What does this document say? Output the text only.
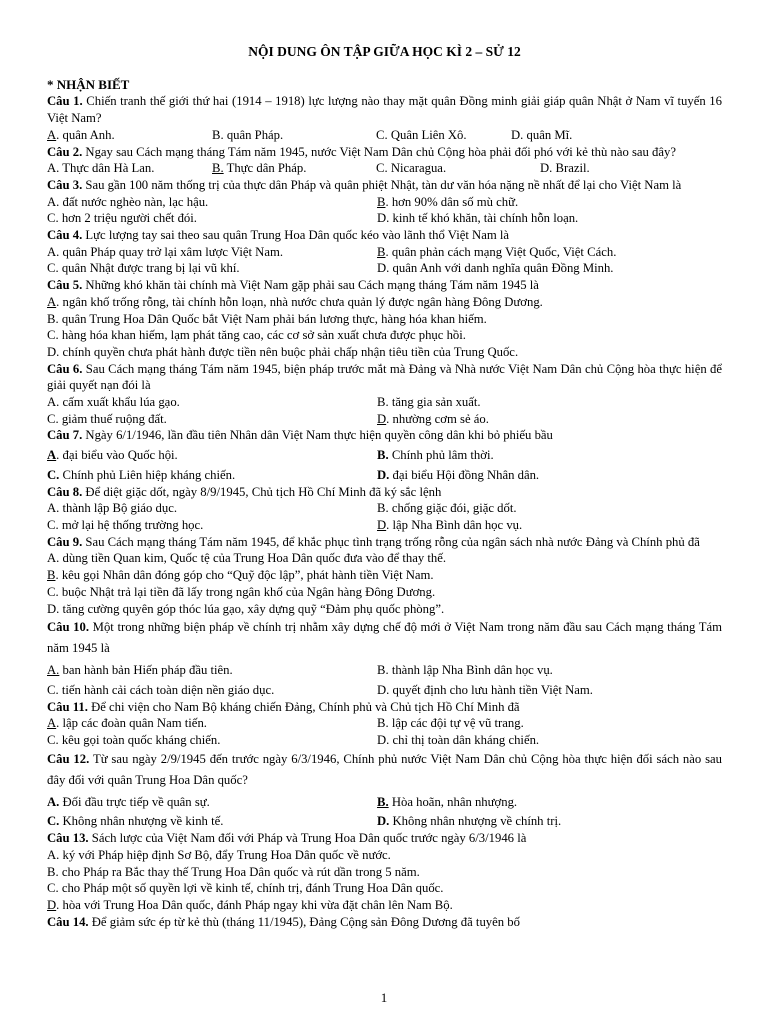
NỘI DUNG ÔN TẬP GIỮA HỌC KÌ 2 – SỬ 12
* NHẬN BIẾT
Câu 1. Chiến tranh thế giới thứ hai (1914 – 1918) lực lượng nào thay mặt quân Đồng minh giải giáp quân Nhật ở Nam vĩ tuyến 16 Việt Nam?
A. quân Anh.	B. quân Pháp.	C. Quân Liên Xô.	D. quân Mĩ.
Câu 2. Ngay sau Cách mạng tháng Tám năm 1945, nước Việt Nam Dân chủ Cộng hòa phải đối phó với kẻ thù nào sau đây?
A. Thực dân Hà Lan.	B. Thực dân Pháp.	C. Nicaragua.	D. Brazil.
Câu 3. Sau gần 100 năm thống trị của thực dân Pháp và quân phiệt Nhật, tàn dư văn hóa nặng nề nhất để lại cho Việt Nam là
A. đất nước nghèo nàn, lạc hậu.	B. hơn 90% dân số mù chữ.
C. hơn 2 triệu người chết đói.	D. kinh tế khó khăn, tài chính hỗn loạn.
Câu 4. Lực lượng tay sai theo sau quân Trung Hoa Dân quốc kéo vào lãnh thổ Việt Nam là
A. quân Pháp quay trở lại xâm lược Việt Nam.	B. quân phản cách mạng Việt Quốc, Việt Cách.
C. quân Nhật được trang bị lại vũ khí.	D. quân Anh với danh nghĩa quân Đồng Minh.
Câu 5. Những khó khăn tài chính mà Việt Nam gặp phải sau Cách mạng tháng Tám năm 1945 là
A. ngân khố trống rỗng, tài chính hỗn loạn, nhà nước chưa quản lý được ngân hàng Đông Dương.
B. quân Trung Hoa Dân Quốc bắt Việt Nam phải bán lương thực, hàng hóa khan hiếm.
C. hàng hóa khan hiếm, lạm phát tăng cao, các cơ sở sản xuất chưa được phục hồi.
D. chính quyền chưa phát hành được tiền nên buộc phải chấp nhận tiêu tiền của Trung Quốc.
Câu 6. Sau Cách mạng tháng Tám năm 1945, biện pháp trước mắt mà Đảng và Nhà nước Việt Nam Dân chủ Cộng hòa thực hiện để giải quyết nạn đói là
A. cấm xuất khẩu lúa gạo.	B. tăng gia sản xuất.
C. giảm thuế ruộng đất.	D. nhường cơm sẻ áo.
Câu 7. Ngày 6/1/1946, lần đầu tiên Nhân dân Việt Nam thực hiện quyền công dân khi bỏ phiếu bầu
A. đại biểu vào Quốc hội.	B. Chính phủ lâm thời.
C. Chính phủ Liên hiệp kháng chiến.	D. đại biểu Hội đồng Nhân dân.
Câu 8. Để diệt giặc dốt, ngày 8/9/1945, Chủ tịch Hồ Chí Minh đã ký sắc lệnh
A. thành lập Bộ giáo dục.	B. chống giặc đói, giặc dốt.
C. mở lại hệ thống trường học.	D. lập Nha Bình dân học vụ.
Câu 9. Sau Cách mạng tháng Tám năm 1945, để khắc phục tình trạng trống rỗng của ngân sách nhà nước Đảng và Chính phủ đã
A. dùng tiền Quan kim, Quốc tệ của Trung Hoa Dân quốc đưa vào để thay thế.
B. kêu gọi Nhân dân đóng góp cho “Quỹ độc lập”, phát hành tiền Việt Nam.
C. buộc Nhật trả lại tiền đã lấy trong ngân khố của Ngân hàng Đông Dương.
D. tăng cường quyên góp thóc lúa gạo, xây dựng quỹ “Đảm phụ quốc phòng”.
Câu 10. Một trong những biện pháp về chính trị nhằm xây dựng chế độ mới ở Việt Nam trong năm đầu sau Cách mạng tháng Tám năm 1945 là
A. ban hành bản Hiến pháp đầu tiên.	B. thành lập Nha Bình dân học vụ.
C. tiến hành cải cách toàn diện nền giáo dục.	D. quyết định cho lưu hành tiền Việt Nam.
Câu 11. Để chi viện cho Nam Bộ kháng chiến Đảng, Chính phủ và Chủ tịch Hồ Chí Minh đã
A. lập các đoàn quân Nam tiến.	B. lập các đội tự vệ vũ trang.
C. kêu gọi toàn quốc kháng chiến.	D. chỉ thị toàn dân kháng chiến.
Câu 12. Từ sau ngày 2/9/1945 đến trước ngày 6/3/1946, Chính phủ nước Việt Nam Dân chủ Cộng hòa thực hiện đối sách nào sau đây đối với quân Trung Hoa Dân quốc?
A. Đối đầu trực tiếp về quân sự.	B. Hòa hoãn, nhân nhượng.
C. Không nhân nhượng về kinh tế.	D. Không nhân nhượng về chính trị.
Câu 13. Sách lược của Việt Nam đối với Pháp và Trung Hoa Dân quốc trước ngày 6/3/1946 là
A. ký với Pháp hiệp định Sơ Bộ, đẩy Trung Hoa Dân quốc về nước.
B. cho Pháp ra Bắc thay thế Trung Hoa Dân quốc và rút dần trong 5 năm.
C. cho Pháp một số quyền lợi về kinh tế, chính trị, đánh Trung Hoa Dân quốc.
D. hòa với Trung Hoa Dân quốc, đánh Pháp ngay khi vừa đặt chân lên Nam Bộ.
Câu 14. Để giảm sức ép từ kẻ thù (tháng 11/1945), Đảng Cộng sản Đông Dương đã tuyên bố
1
